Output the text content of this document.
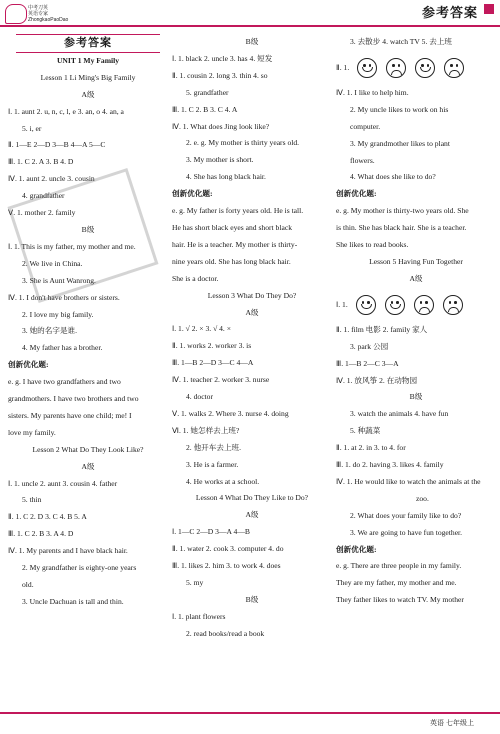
中考刀英
英语专家
ZhongkaoPaoDao	参考答案
参考答案
UNIT 1 My Family
Lesson 1 Li Ming's Big Family
A级
Ⅰ. 1. aunt 2. u, n, c, l, e 3. an, o 4. an, a
5. i, er
Ⅱ. 1—E 2—D 3—B 4—A 5—C
Ⅲ. 1. C 2. A 3. B 4. D
Ⅳ. 1. aunt 2. uncle 3. cousin
4. grandfather
Ⅴ. 1. mother 2. family
B级
Ⅰ. 1. This is my father, my mother and me.
2. We live in China.
3. She is Aunt Wanrong.
Ⅳ. 1. I don't have brothers or sisters.
2. I love my big family.
3. 她的名字是谁.
4. My father has a brother.
创新优化题:
e. g. I have two grandfathers and two
grandmothers. I have two brothers and two
sisters. My parents have one child; me! I
love my family.
Lesson 2 What Do They Look Like?
A级
Ⅰ. 1. uncle 2. aunt 3. cousin 4. father
5. thin
Ⅱ. 1. C 2. D 3. C 4. B 5. A
Ⅲ. 1. C 2. B 3. A 4. D
Ⅳ. 1. My parents and I have black hair.
2. My grandfather is eighty-one years
old.
3. Uncle Dachuan is tall and thin.
B级
Ⅰ. 1. black 2. uncle 3. has 4. 短发
Ⅱ. 1. cousin 2. long 3. thin 4. so
5. grandfather
Ⅲ. 1. C 2. B 3. C 4. A
Ⅳ. 1. What does Jing look like?
2. e. g. My mother is thirty years old.
3. My mother is short.
4. She has long black hair.
创新优化题:
e. g. My father is forty years old. He is tall.
He has short black eyes and short black
hair. He is a teacher. My mother is thirty-
nine years old. She has long black hair.
She is a doctor.
Lesson 3 What Do They Do?
A级
Ⅰ. 1. √ 2. × 3. √ 4. ×
Ⅱ. 1. works 2. worker 3. is
Ⅲ. 1—B 2—D 3—C 4—A
Ⅳ. 1. teacher 2. worker 3. nurse
4. doctor
Ⅴ. 1. walks 2. Where 3. nurse 4. doing
Ⅵ. 1. 她怎样去上班?
2. 他开车去上班.
3. He is a farmer.
4. He works at a school.
Lesson 4 What Do They Like to Do?
A级
Ⅰ. 1—C 2—D 3—A 4—B
Ⅱ. 1. water 2. cook 3. computer 4. do
Ⅲ. 1. likes 2. him 3. to work 4. does
5. my
B级
Ⅰ. 1. plant flowers
2. read books/read a book
3. 去散步 4. watch TV 5. 去上班
Ⅱ. 1.
Ⅳ. 1. I like to help him.
2. My uncle likes to work on his
computer.
3. My grandmother likes to plant
flowers.
4. What does she like to do?
创新优化题:
e. g. My mother is thirty-two years old. She
is thin. She has black hair. She is a teacher.
She likes to read books.
Lesson 5 Having Fun Together
A级
Ⅰ. 1.
Ⅱ. 1. film 电影 2. family 家人
3. park 公园
Ⅲ. 1—B 2—C 3—A
Ⅳ. 1. 放风筝 2. 在动物园
B级
3. watch the animals 4. have fun
5. 种蔬菜
Ⅱ. 1. at 2. in 3. to 4. for
Ⅲ. 1. do 2. having 3. likes 4. family
Ⅳ. 1. He would like to watch the animals at the
zoo.
2. What does your family like to do?
3. We are going to have fun together.
创新优化题:
e. g. There are three people in my family.
They are my father, my mother and me.
They father likes to watch TV. My mother
英语 七年级上
